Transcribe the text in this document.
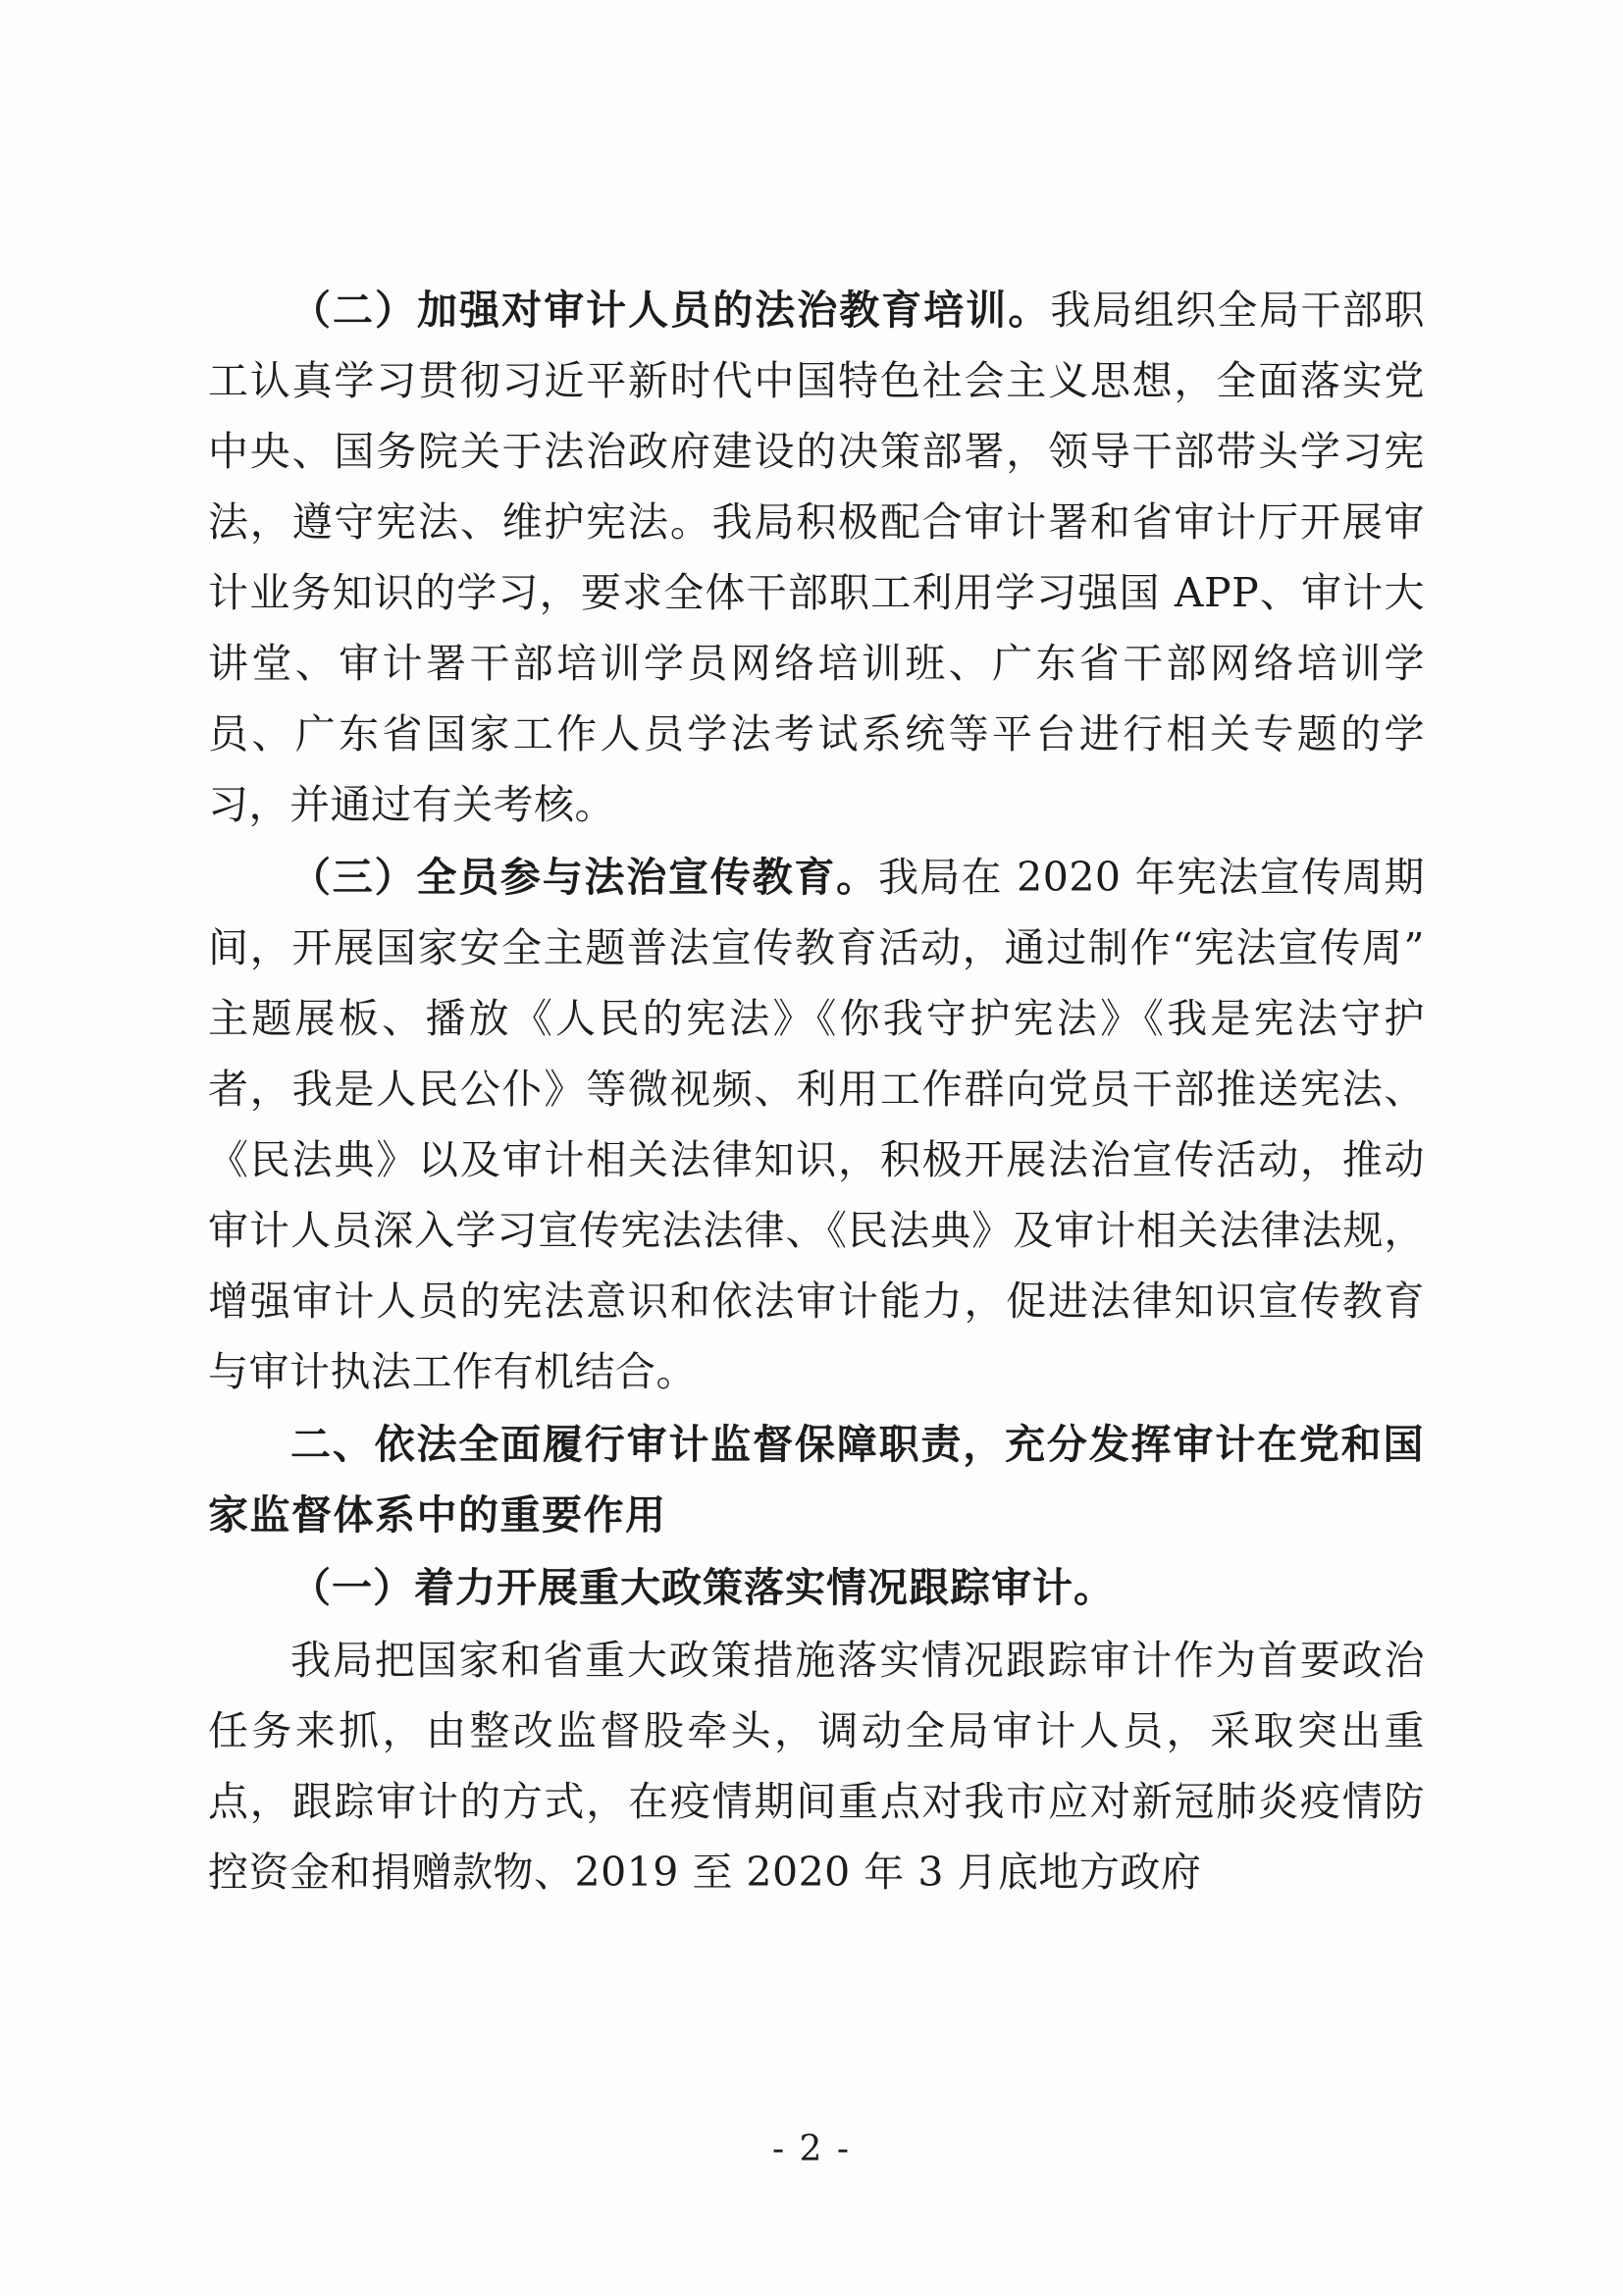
（二）加强对审计人员的法治教育培训。我局组织全局干部职工认真学习贯彻习近平新时代中国特色社会主义思想，全面落实党中央、国务院关于法治政府建设的决策部署，领导干部带头学习宪法，遵守宪法、维护宪法。我局积极配合审计署和省审计厅开展审计业务知识的学习，要求全体干部职工利用学习强国 APP、审计大讲堂、审计署干部培训学员网络培训班、广东省干部网络培训学员、广东省国家工作人员学法考试系统等平台进行相关专题的学习，并通过有关考核。

（三）全员参与法治宣传教育。我局在 2020 年宪法宣传周期间，开展国家安全主题普法宣传教育活动，通过制作“宪法宣传周”主题展板、播放《人民的宪法》《你我守护宪法》《我是宪法守护者，我是人民公仆》等微视频、利用工作群向党员干部推送宪法、《民法典》以及审计相关法律知识，积极开展法治宣传活动，推动审计人员深入学习宣传宪法法律、《民法典》及审计相关法律法规，增强审计人员的宪法意识和依法审计能力，促进法律知识宣传教育与审计执法工作有机结合。

二、依法全面履行审计监督保障职责，充分发挥审计在党和国家监督体系中的重要作用

（一）着力开展重大政策落实情况跟踪审计。

我局把国家和省重大政策措施落实情况跟踪审计作为首要政治任务来抓，由整改监督股牵头，调动全局审计人员，采取突出重点，跟踪审计的方式，在疫情期间重点对我市应对新冠肺炎疫情防控资金和捐赠款物、2019 至 2020 年 3 月底地方政府

- 2 -
